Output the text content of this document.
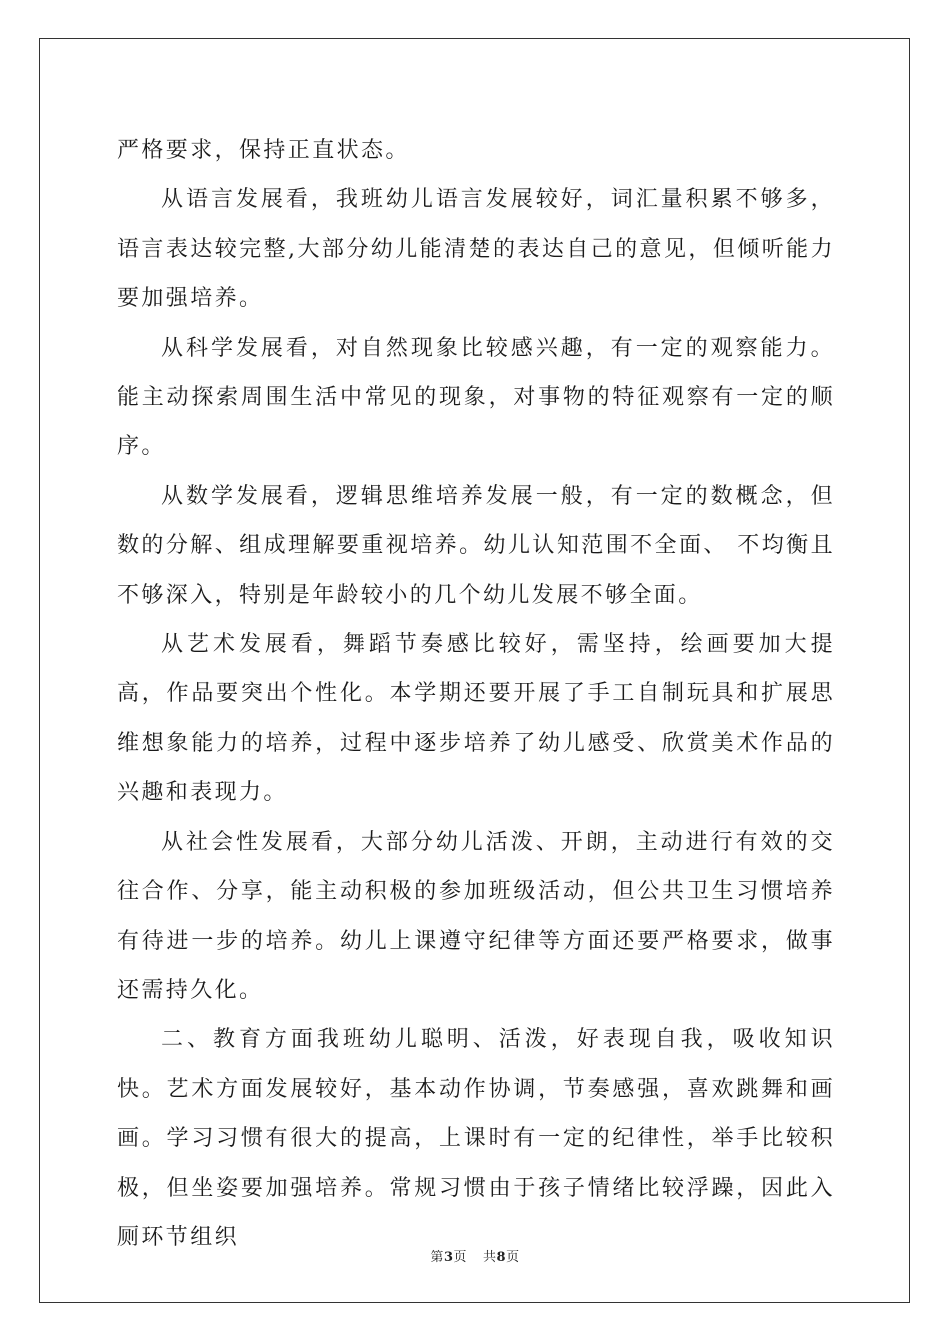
严格要求，保持正直状态。

从语言发展看，我班幼儿语言发展较好，词汇量积累不够多，语言表达较完整,大部分幼儿能清楚的表达自己的意见，但倾听能力要加强培养。

从科学发展看，对自然现象比较感兴趣，有一定的观察能力。能主动探索周围生活中常见的现象，对事物的特征观察有一定的顺序。

从数学发展看，逻辑思维培养发展一般，有一定的数概念，但数的分解、组成理解要重视培养。幼儿认知范围不全面、 不均衡且不够深入，特别是年龄较小的几个幼儿发展不够全面。

从艺术发展看，舞蹈节奏感比较好，需坚持，绘画要加大提高，作品要突出个性化。本学期还要开展了手工自制玩具和扩展思维想象能力的培养，过程中逐步培养了幼儿感受、欣赏美术作品的兴趣和表现力。

从社会性发展看，大部分幼儿活泼、开朗，主动进行有效的交往合作、分享，能主动积极的参加班级活动，但公共卫生习惯培养有待进一步的培养。幼儿上课遵守纪律等方面还要严格要求，做事还需持久化。

二、教育方面我班幼儿聪明、活泼，好表现自我，吸收知识快。艺术方面发展较好，基本动作协调，节奏感强，喜欢跳舞和画画。学习习惯有很大的提高，上课时有一定的纪律性，举手比较积极，但坐姿要加强培养。常规习惯由于孩子情绪比较浮躁，因此入厕环节组织

第3页 共8页
